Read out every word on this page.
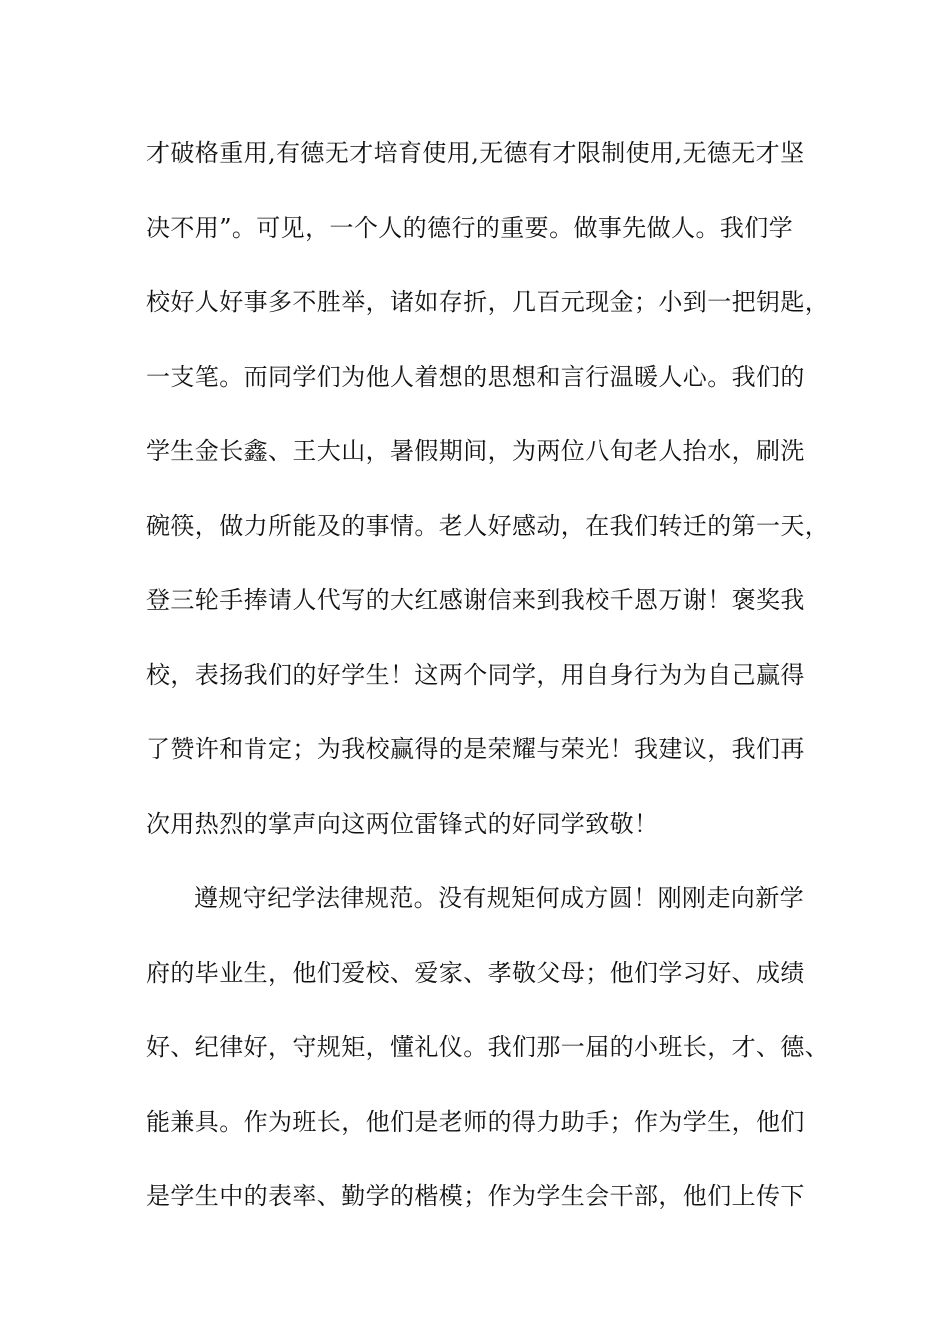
才破格重用,有德无才培育使用,无德有才限制使用,无德无才坚
决不用”。可见，一个人的德行的重要。做事先做人。我们学
校好人好事多不胜举，诸如存折，几百元现金；小到一把钥匙，
一支笔。而同学们为他人着想的思想和言行温暖人心。我们的
学生金长鑫、王大山，暑假期间，为两位八旬老人抬水，刷洗
碗筷，做力所能及的事情。老人好感动，在我们转迁的第一天，
登三轮手捧请人代写的大红感谢信来到我校千恩万谢！褒奖我
校，表扬我们的好学生！这两个同学，用自身行为为自己赢得
了赞许和肯定；为我校赢得的是荣耀与荣光！我建议，我们再
次用热烈的掌声向这两位雷锋式的好同学致敬！
遵规守纪学法律规范。没有规矩何成方圆！刚刚走向新学
府的毕业生，他们爱校、爱家、孝敬父母；他们学习好、成绩
好、纪律好，守规矩，懂礼仪。我们那一届的小班长，才、德、
能兼具。作为班长，他们是老师的得力助手；作为学生，他们
是学生中的表率、勤学的楷模；作为学生会干部，他们上传下
